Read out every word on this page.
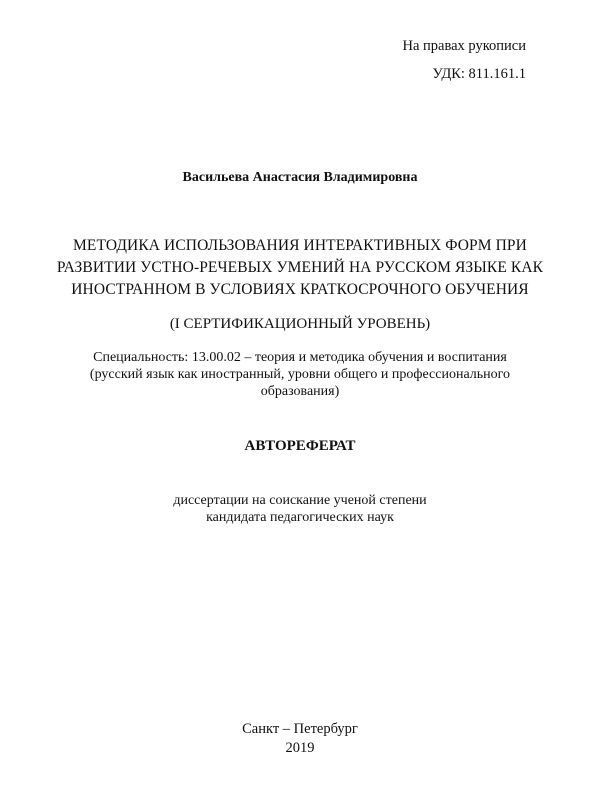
На правах рукописи
УДК: 811.161.1
Васильева Анастасия Владимировна
МЕТОДИКА ИСПОЛЬЗОВАНИЯ ИНТЕРАКТИВНЫХ ФОРМ ПРИ
РАЗВИТИИ УСТНО-РЕЧЕВЫХ УМЕНИЙ НА РУССКОМ ЯЗЫКЕ КАК
ИНОСТРАННОМ В УСЛОВИЯХ КРАТКОСРОЧНОГО ОБУЧЕНИЯ
(I СЕРТИФИКАЦИОННЫЙ УРОВЕНЬ)
Специальность: 13.00.02 – теория и методика обучения и воспитания
(русский язык как иностранный, уровни общего и профессионального
образования)
АВТОРЕФЕРАТ
диссертации на соискание ученой степени
кандидата педагогических наук
Санкт – Петербург
2019
